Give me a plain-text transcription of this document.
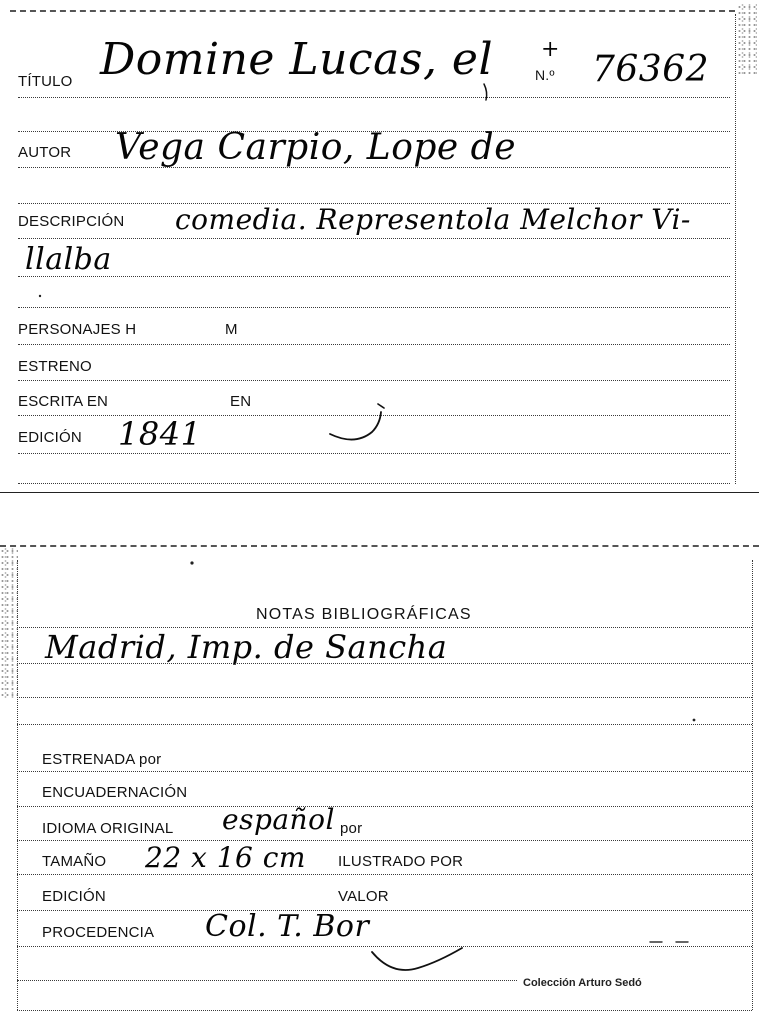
TÍTULO Domine Lucas, el +
N.º 76362
AUTOR Vega Carpio, Lope de
DESCRIPCIÓN comedia. Representola Melchor Vi-
llalba
PERSONAJES H	M
ESTRENO
ESCRITA EN	EN
EDICIÓN 1841
NOTAS BIBLIOGRÁFICAS
Madrid, Imp. de Sancha
ESTRENADA por
ENCUADERNACIÓN
IDIOMA ORIGINAL español por
TAMAÑO 22 x 16 cm ILUSTRADO POR
EDICIÓN	VALOR
PROCEDENCIA Col. T. Bor
Colección Arturo Sedó
